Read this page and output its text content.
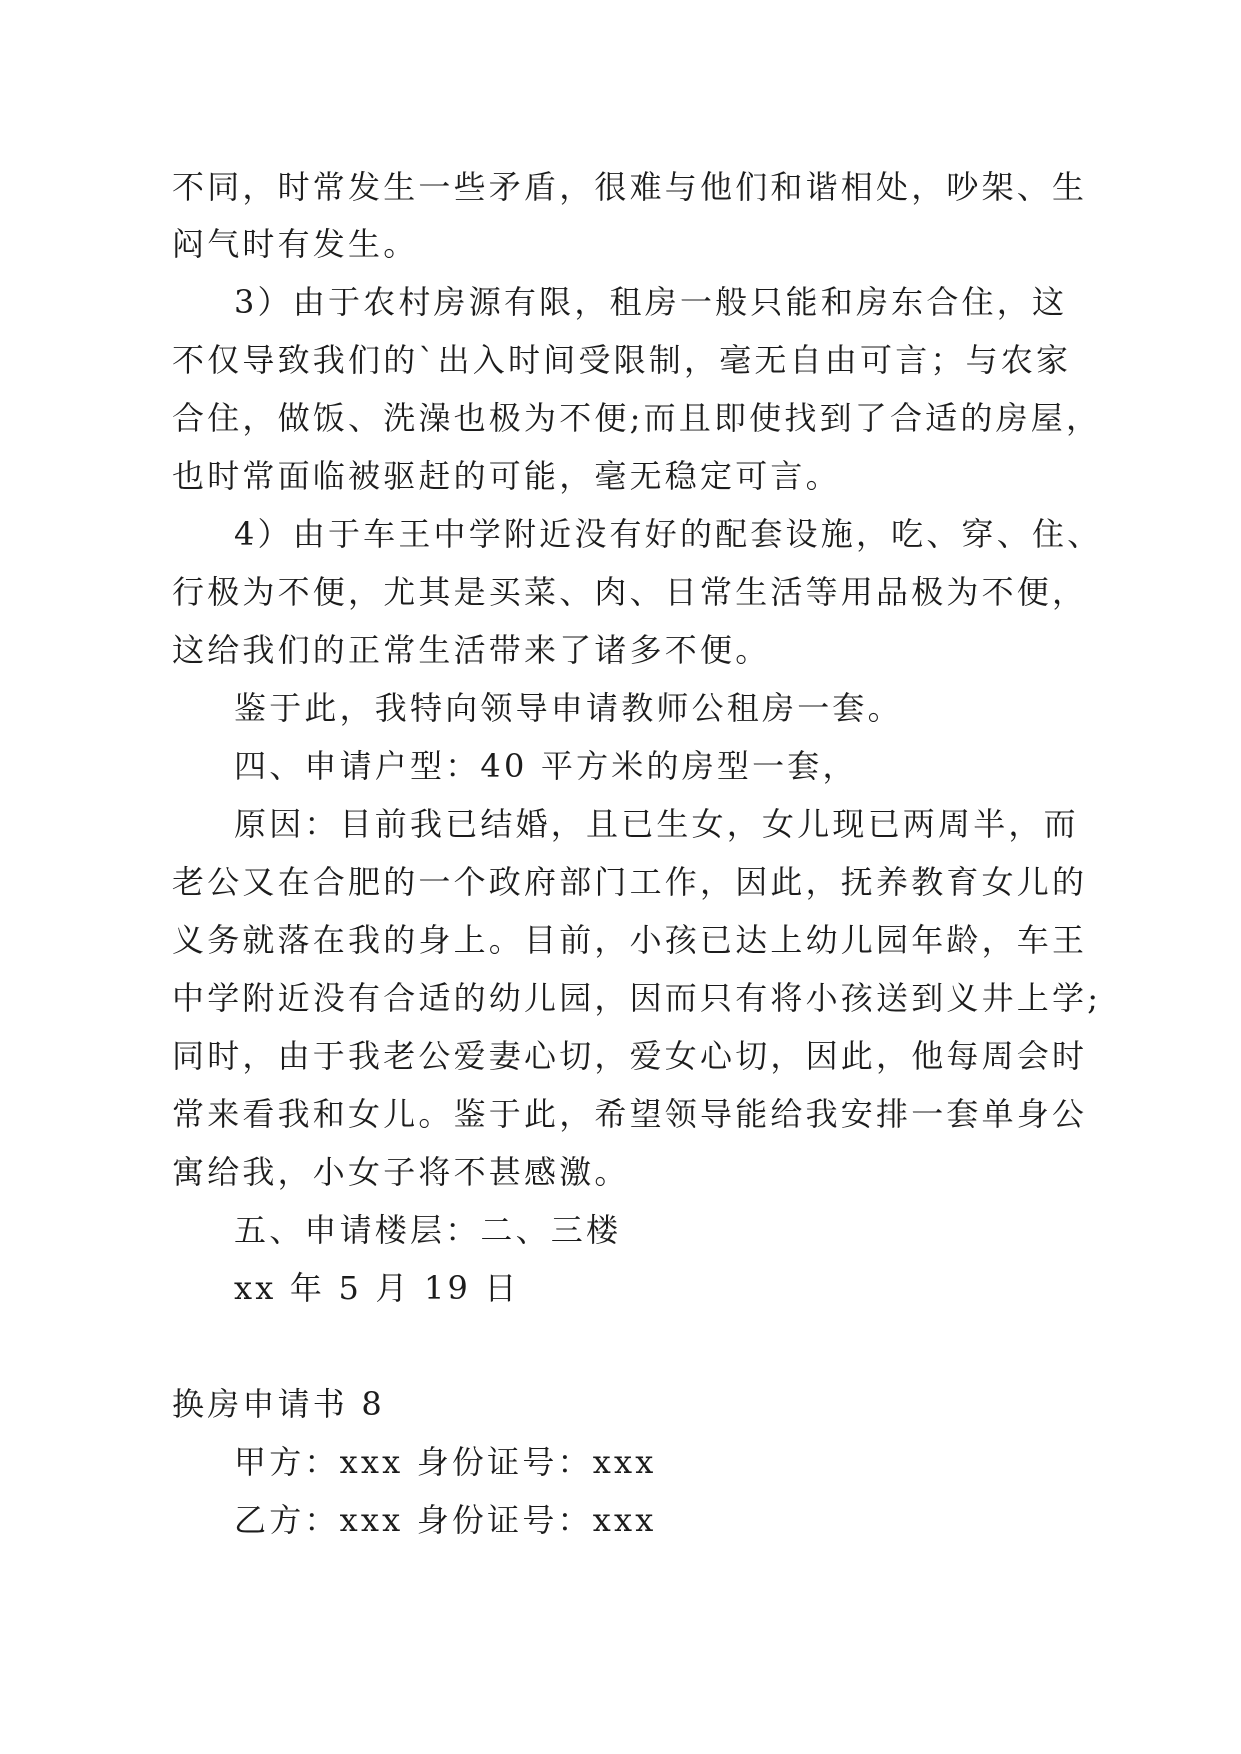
不同，时常发生一些矛盾，很难与他们和谐相处，吵架、生

闷气时有发生。

3）由于农村房源有限，租房一般只能和房东合住，这

不仅导致我们的`出入时间受限制，毫无自由可言；与农家

合住，做饭、洗澡也极为不便;而且即使找到了合适的房屋，

也时常面临被驱赶的可能，毫无稳定可言。

4）由于车王中学附近没有好的配套设施，吃、穿、住、

行极为不便，尤其是买菜、肉、日常生活等用品极为不便，

这给我们的正常生活带来了诸多不便。

鉴于此，我特向领导申请教师公租房一套。

四、申请户型：40 平方米的房型一套，

原因：目前我已结婚，且已生女，女儿现已两周半，而

老公又在合肥的一个政府部门工作，因此，抚养教育女儿的

义务就落在我的身上。目前，小孩已达上幼儿园年龄，车王

中学附近没有合适的幼儿园，因而只有将小孩送到义井上学;

同时，由于我老公爱妻心切，爱女心切，因此，他每周会时

常来看我和女儿。鉴于此，希望领导能给我安排一套单身公

寓给我，小女子将不甚感激。

五、申请楼层：二、三楼

xx 年 5 月 19 日

换房申请书 8

甲方：xxx 身份证号：xxx

乙方：xxx 身份证号：xxx
